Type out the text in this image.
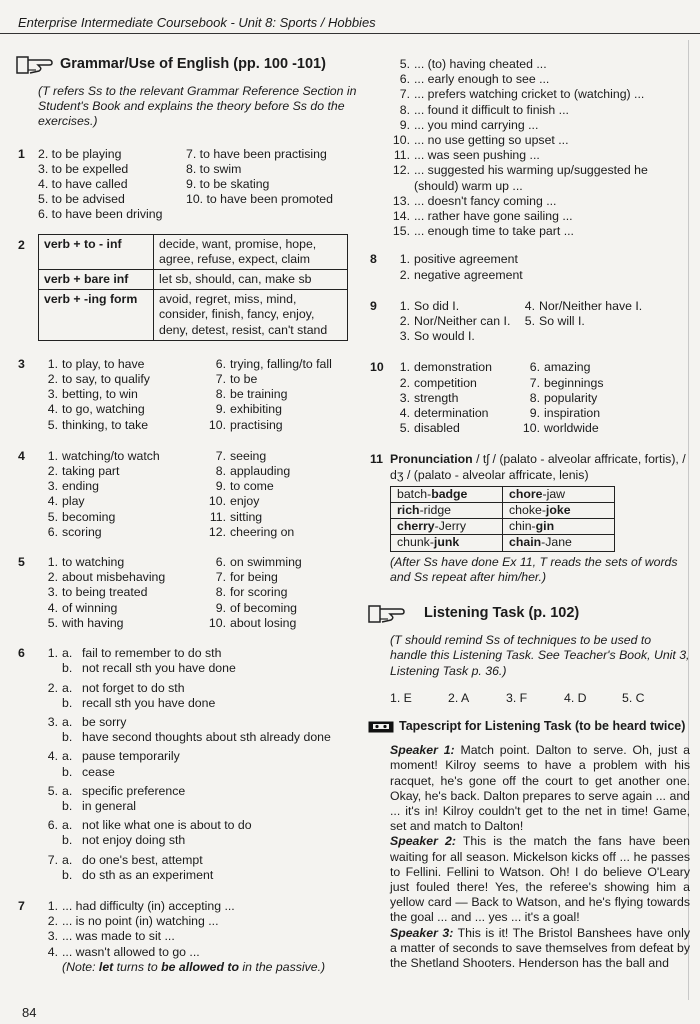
Enterprise Intermediate Coursebook - Unit 8: Sports / Hobbies
Grammar/Use of English (pp. 100 -101)
(T refers Ss to the relevant Grammar Reference Section in Student's Book and explains the theory before Ss do the exercises.)
1 2. to be playing
3. to be expelled
4. to have called
5. to be advised
6. to have been driving
7. to have been practising
8. to swim
9. to be skating
10. to have been promoted
2 verb + to - inf	decide, want, promise, hope, agree, refuse, expect, claim
verb + bare inf	let sb, should, can, make sb
verb + -ing form	avoid, regret, miss, mind, consider, finish, fancy, enjoy, deny, detest, resist, can't stand
3	1. to play, to have
2. to say, to qualify
3. betting, to win
4. to go, watching
5. thinking, to take
6. trying, falling/to fall
7. to be
8. be training
9. exhibiting
10. practising
4	1. watching/to watch
2. taking part
3. ending
4. play
5. becoming
6. scoring
7. seeing
8. applauding
9. to come
10. enjoy
11. sitting
12. cheering on
5	1. to watching
2. about misbehaving
3. to being treated
4. of winning
5. with having
6. on swimming
7. for being
8. for scoring
9. of becoming
10. about losing
6	1. a. fail to remember to do sth
b. not recall sth you have done
2. a. not forget to do sth
b. recall sth you have done
3. a. be sorry
b. have second thoughts about sth already done
4. a. pause temporarily
b. cease
5. a. specific preference
b. in general
6. a. not like what one is about to do
b. not enjoy doing sth
7. a. do one's best, attempt
b. do sth as an experiment
7	1. ... had difficulty (in) accepting ...
2. ... is no point (in) watching ...
3. ... was made to sit ...
4. ... wasn't allowed to go ...
(Note: let turns to be allowed to in the passive.)
5. ... (to) having cheated ...
6. ... early enough to see ...
7. ... prefers watching cricket to (watching) ...
8. ... found it difficult to finish ...
9. ... you mind carrying ...
10. ... no use getting so upset ...
11. ... was seen pushing ...
12. ... suggested his warming up/suggested he (should) warm up ...
13. ... doesn't fancy coming ...
14. ... rather have gone sailing ...
15. ... enough time to take part ...
8	1. positive agreement
2. negative agreement
9	1. So did I.
2. Nor/Neither can I.
3. So would I.
4. Nor/Neither have I.
5. So will I.
10	1. demonstration
2. competition
3. strength
4. determination
5. disabled
6. amazing
7. beginnings
8. popularity
9. inspiration
10. worldwide
11 Pronunciation / tʃ / (palato - alveolar affricate, fortis), / dʒ / (palato - alveolar affricate, lenis)
batch-badge	chore-jaw
rich-ridge	choke-joke
cherry-Jerry	chin-gin
chunk-junk	chain-Jane
(After Ss have done Ex 11, T reads the sets of words and Ss repeat after him/her.)
Listening Task (p. 102)
(T should remind Ss of techniques to be used to handle this Listening Task. See Teacher's Book, Unit 3, Listening Task p. 36.)
1. E	2. A	3. F	4. D	5. C
Tapescript for Listening Task (to be heard twice)
Speaker 1: Match point. Dalton to serve. Oh, just a moment! Kilroy seems to have a problem with his racquet, he's gone off the court to get another one. Okay, he's back. Dalton prepares to serve again ... and ... it's in! Kilroy couldn't get to the net in time! Game, set and match to Dalton!
Speaker 2: This is the match the fans have been waiting for all season. Mickelson kicks off ... he passes to Fellini. Fellini to Watson. Oh! I do believe O'Leary just fouled there! Yes, the referee's showing him a yellow card — Back to Watson, and he's flying towards the goal ... and ... yes ... it's a goal!
Speaker 3: This is it! The Bristol Banshees have only a matter of seconds to save themselves from defeat by the Shetland Shooters. Henderson has the ball and
84
